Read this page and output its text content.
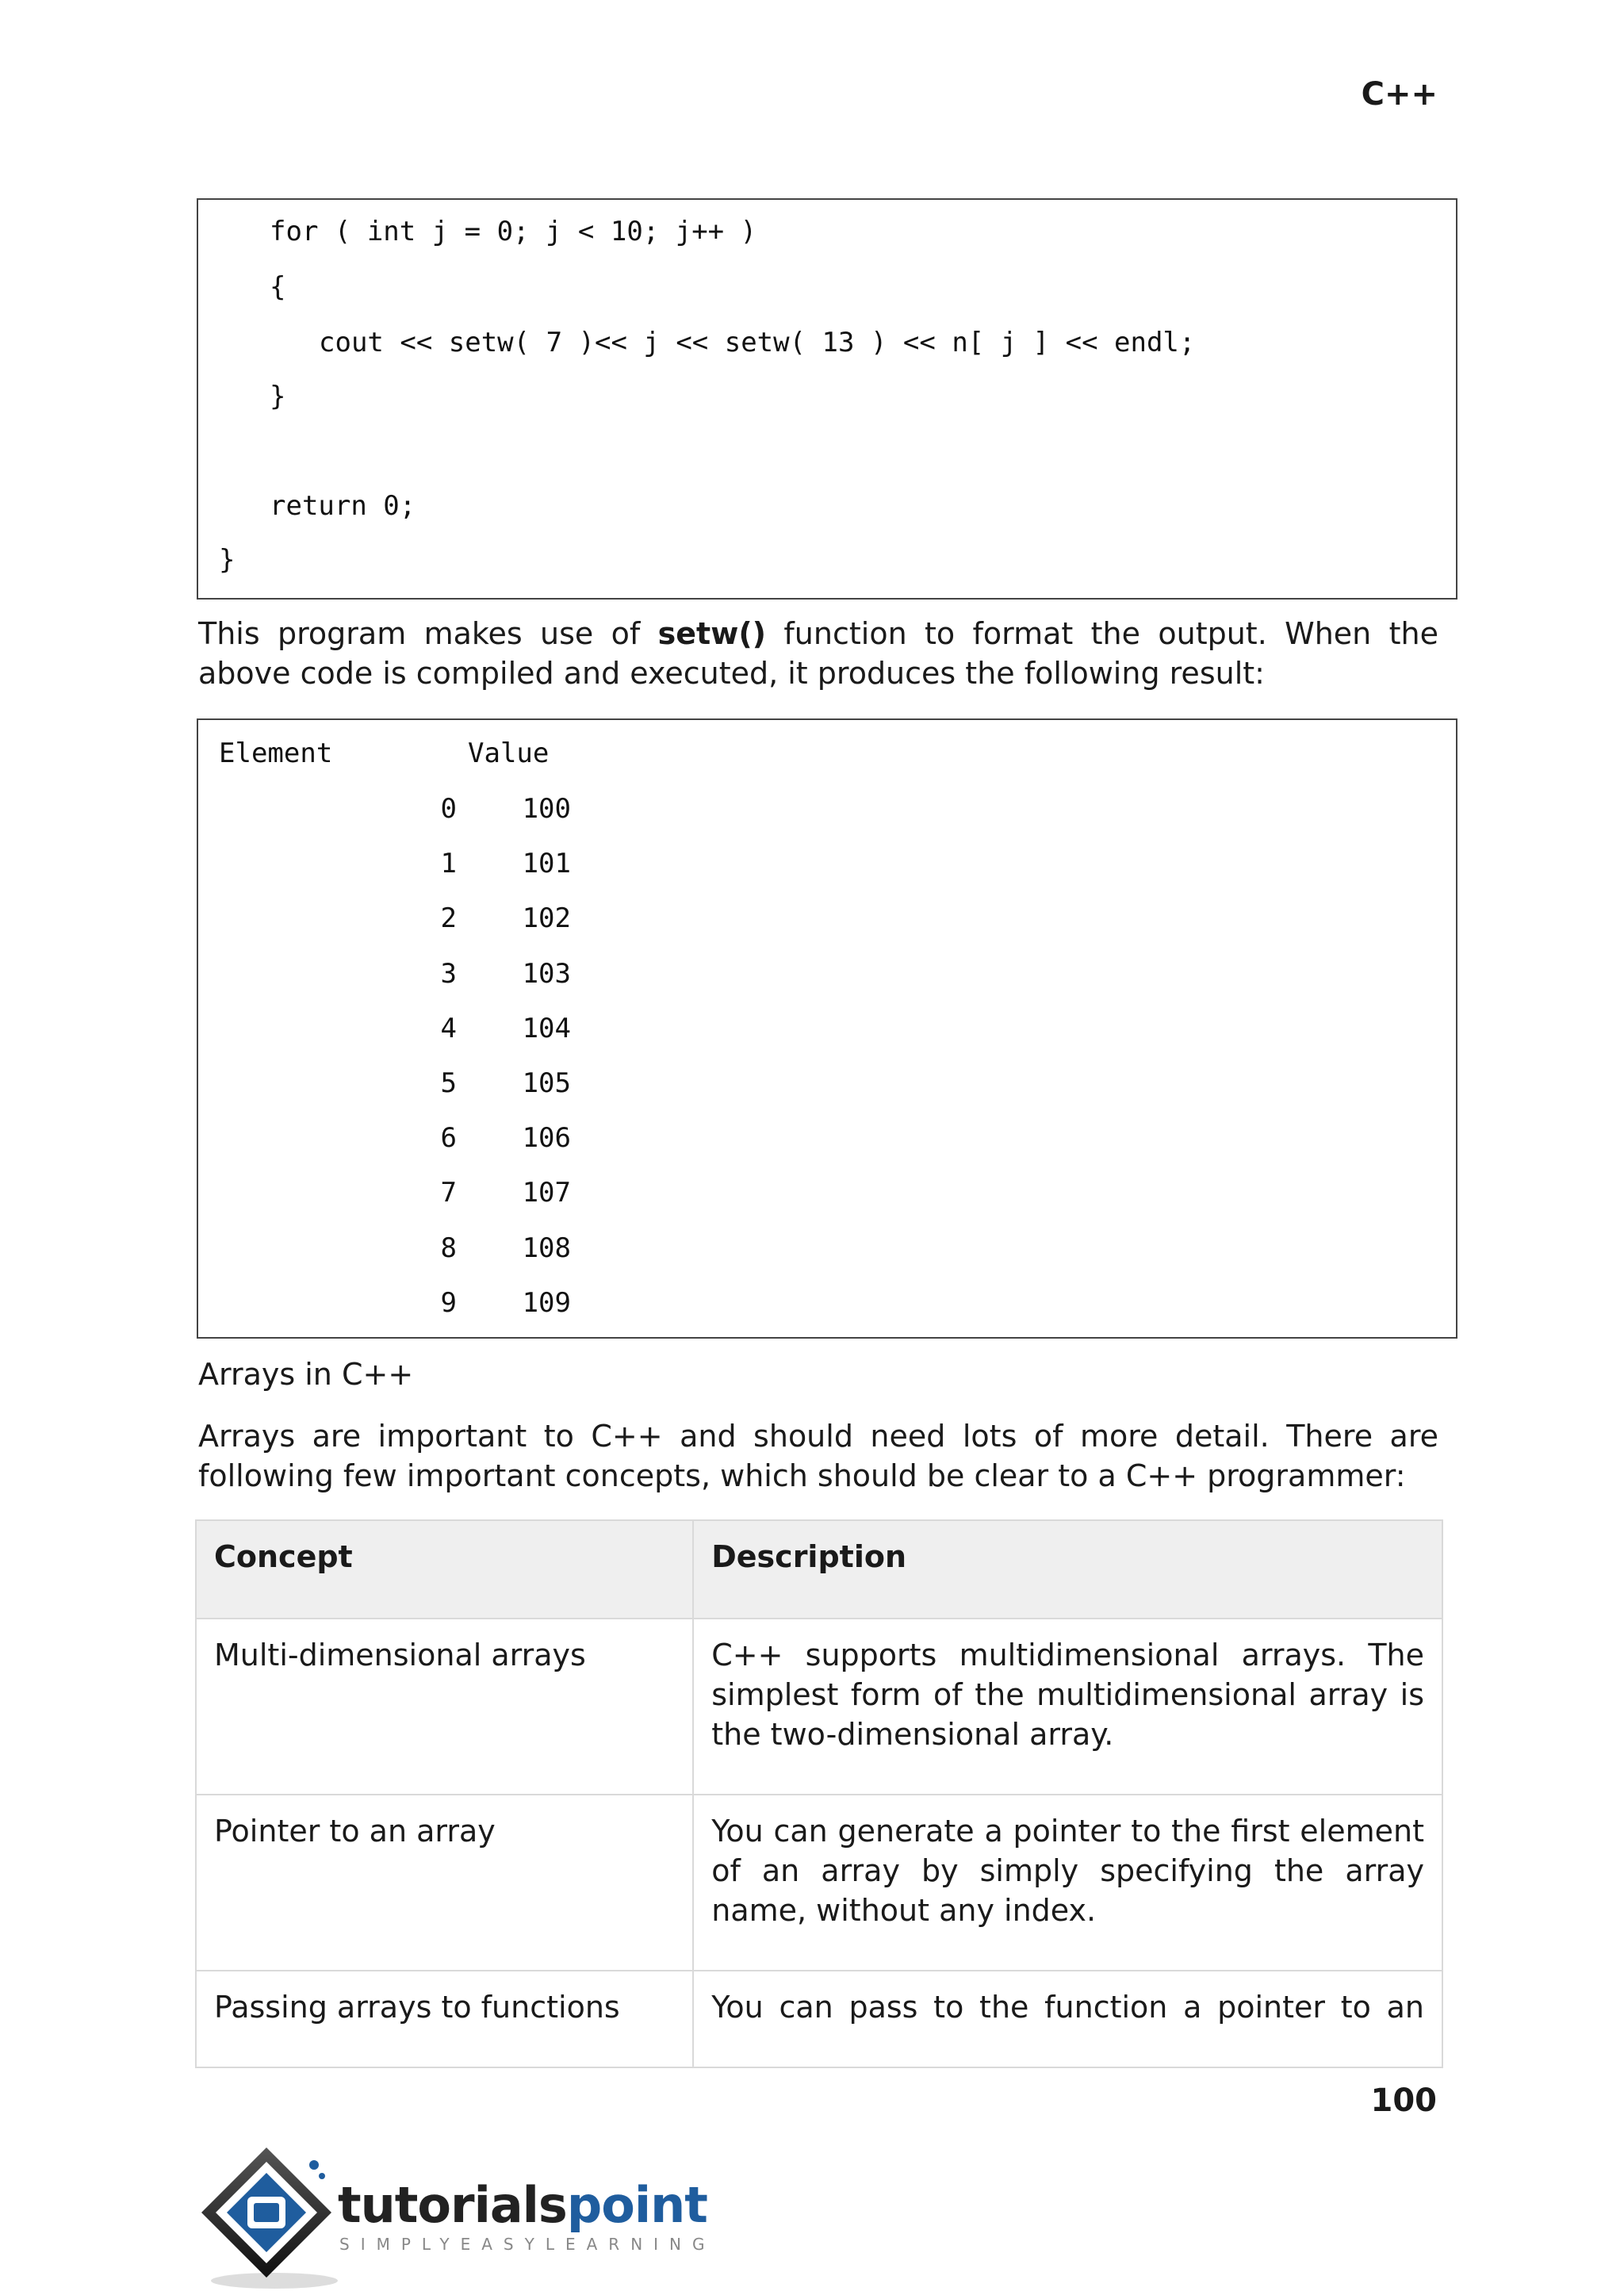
C++
for ( int j = 0; j < 10; j++ )
{
cout << setw( 7 )<< j << setw( 13 ) << n[ j ] << endl;
}
return 0;
}
This program makes use of setw() function to format the output. When the above code is compiled and executed, it produces the following result:
Element	Value
0	100
1	101
2	102
3	103
4	104
5	105
6	106
7	107
8	108
9	109
Arrays in C++
Arrays are important to C++ and should need lots of more detail. There are following few important concepts, which should be clear to a C++ programmer:
Concept	Description
Multi-dimensional arrays	C++ supports multidimensional arrays. The simplest form of the multidimensional array is the two-dimensional array.
Pointer to an array	You can generate a pointer to the first element of an array by simply specifying the array name, without any index.
Passing arrays to functions	You can pass to the function a pointer to an
100
tutorialspoint
SIMPLYEASYLEARNING
